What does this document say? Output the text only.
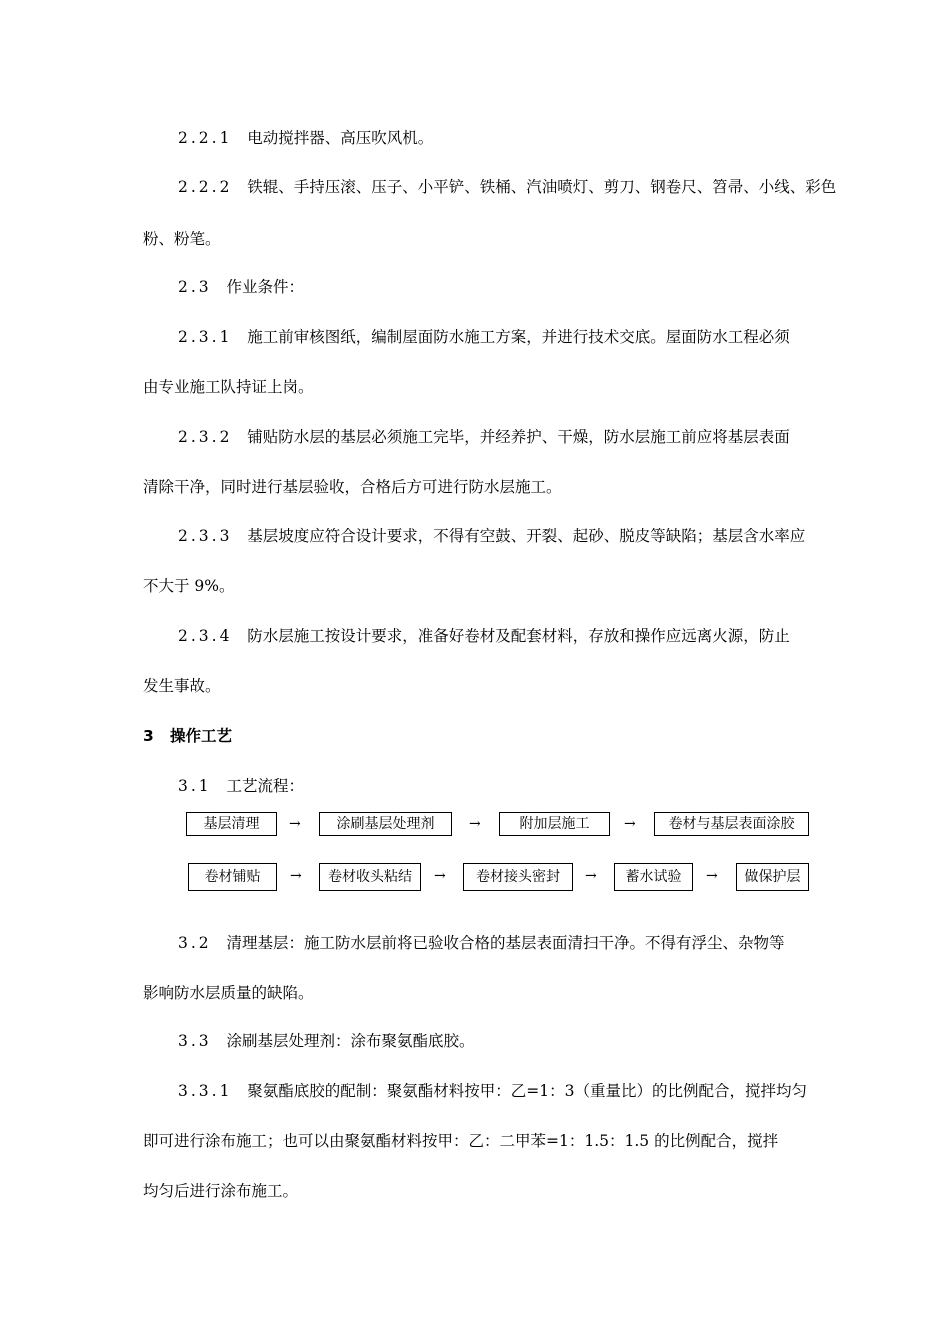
2.2.1 电动搅拌器、高压吹风机。
2.2.2 铁辊、手持压滚、压子、小平铲、铁桶、汽油喷灯、剪刀、钢卷尺、笤帚、小线、彩色
粉、粉笔。
2.3 作业条件：
2.3.1 施工前审核图纸，编制屋面防水施工方案，并进行技术交底。屋面防水工程必须
由专业施工队持证上岗。
2.3.2 铺贴防水层的基层必须施工完毕，并经养护、干燥，防水层施工前应将基层表面
清除干净，同时进行基层验收，合格后方可进行防水层施工。
2.3.3 基层坡度应符合设计要求，不得有空鼓、开裂、起砂、脱皮等缺陷；基层含水率应
不大于 9%。
2.3.4 防水层施工按设计要求，准备好卷材及配套材料，存放和操作应远离火源，防止
发生事故。
3 操作工艺
3.1 工艺流程：
基层清理	→	涂刷基层处理剂	→	附加层施工	→	卷材与基层表面涂胶
卷材铺贴	→	卷材收头粘结	→	卷材接头密封	→	蓄水试验	→	做保护层
3.2 清理基层：施工防水层前将已验收合格的基层表面清扫干净。不得有浮尘、杂物等
影响防水层质量的缺陷。
3.3 涂刷基层处理剂：涂布聚氨酯底胶。
3.3.1 聚氨酯底胶的配制：聚氨酯材料按甲：乙=1：3（重量比）的比例配合，搅拌均匀
即可进行涂布施工；也可以由聚氨酯材料按甲：乙：二甲苯=1：1.5：1.5 的比例配合，搅拌
均匀后进行涂布施工。
